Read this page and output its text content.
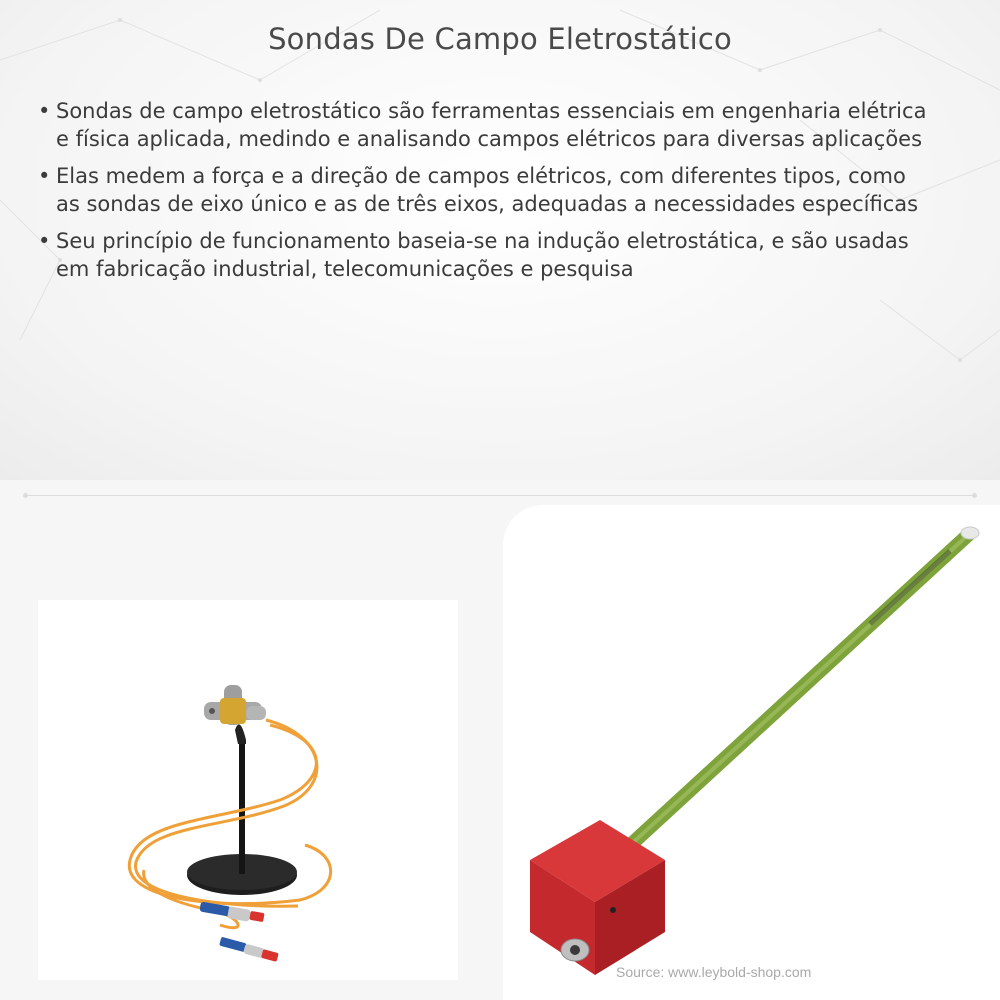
Sondas De Campo Eletrostático
• Sondas de campo eletrostático são ferramentas essenciais em engenharia elétrica e física aplicada, medindo e analisando campos elétricos para diversas aplicações
• Elas medem a força e a direção de campos elétricos, com diferentes tipos, como as sondas de eixo único e as de três eixos, adequadas a necessidades específicas
• Seu princípio de funcionamento baseia-se na indução eletrostática, e são usadas em fabricação industrial, telecomunicações e pesquisa
Source: www.leybold-shop.com
